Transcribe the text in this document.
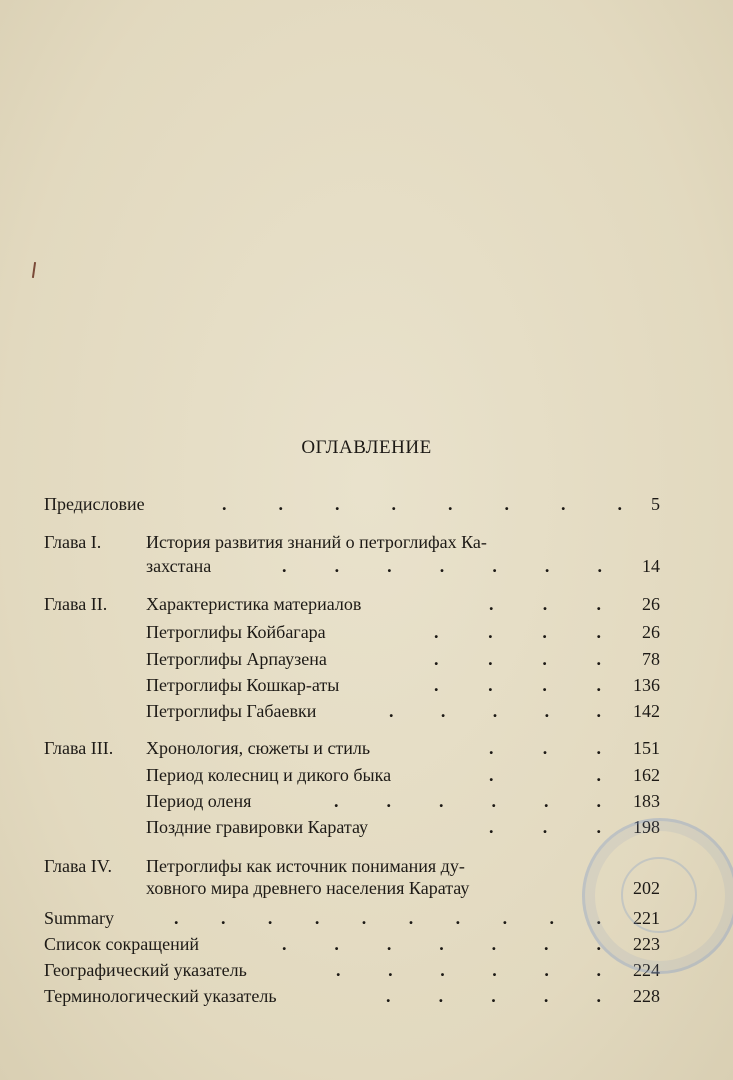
ОГЛАВЛЕНИЕ
Предисловие	.	.	.	.	.	.	.	. 5
Глава I. История развития знаний о петроглифах Ка-
захстана	.	.	.	.	.	.	. 14
Глава II. Характеристика материалов	.	.	. 26
Петроглифы Койбагара	.	.	.	. 26
Петроглифы Арпаузена	.	.	.	. 78
Петроглифы Кошкар-аты	.	.	.	. 136
Петроглифы Габаевки	.	.	.	.	. 142
Глава III. Хронология, сюжеты и стиль	.	.	. 151
Период колесниц и дикого быка	.	. 162
Период оленя	.	.	.	.	.	. 183
Поздние гравировки Каратау	.	.	. 198
Глава IV. Петроглифы как источник понимания ду-
ховного мира древнего населения Каратау	202
Summary	. . . . . . . . . . 221
Список сокращений	.	.	.	.	.	.	. 223
Географический указатель	.	.	.	.	.	. 224
Терминологический указатель	.	.	.	.	. 228
